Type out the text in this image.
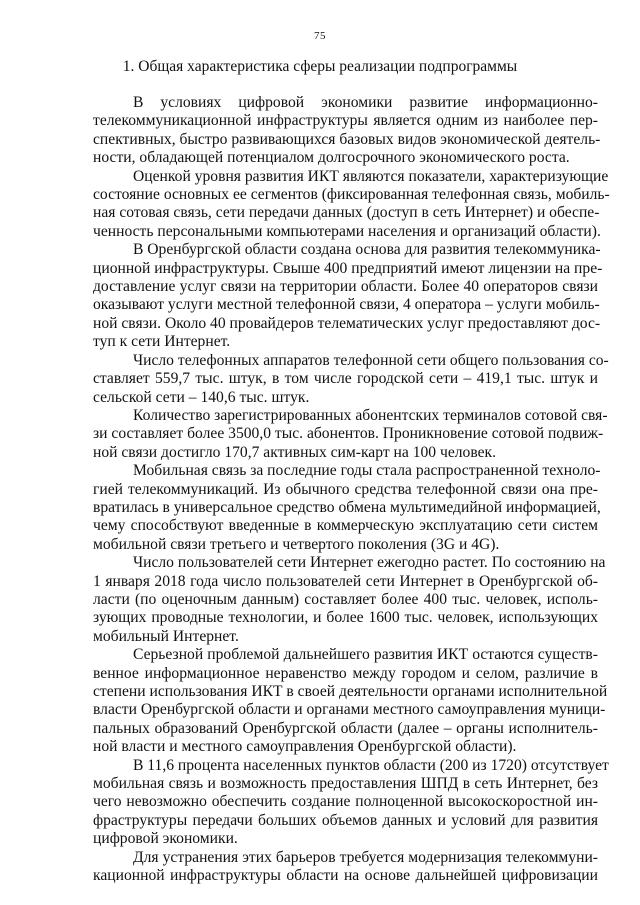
75
1. Общая характеристика сферы реализации подпрограммы
В условиях цифровой экономики развитие информационно-
телекоммуникационной инфраструктуры является одним из наиболее пер-
спективных, быстро развивающихся базовых видов экономической деятель-
ности, обладающей потенциалом долгосрочного экономического роста.
Оценкой уровня развития ИКТ являются показатели, характеризующие
состояние основных ее сегментов (фиксированная телефонная связь, мобиль-
ная сотовая связь, сети передачи данных (доступ в сеть Интернет) и обеспе-
ченность персональными компьютерами населения и организаций области).
В Оренбургской области создана основа для развития телекоммуника-
ционной инфраструктуры. Свыше 400 предприятий имеют лицензии на пре-
доставление услуг связи на территории области. Более 40 операторов связи
оказывают услуги местной телефонной связи, 4 оператора – услуги мобиль-
ной связи. Около 40 провайдеров телематических услуг предоставляют дос-
туп к сети Интернет.
Число телефонных аппаратов телефонной сети общего пользования со-
ставляет 559,7 тыс. штук, в том числе городской сети – 419,1 тыс. штук и
сельской сети – 140,6 тыс. штук.
Количество зарегистрированных абонентских терминалов сотовой свя-
зи составляет более 3500,0 тыс. абонентов. Проникновение сотовой подвиж-
ной связи достигло 170,7 активных сим-карт на 100 человек.
Мобильная связь за последние годы стала распространенной техноло-
гией телекоммуникаций. Из обычного средства телефонной связи она пре-
вратилась в универсальное средство обмена мультимедийной информацией,
чему способствуют введенные в коммерческую эксплуатацию сети систем
мобильной связи третьего и четвертого поколения (3G и 4G).
Число пользователей сети Интернет ежегодно растет. По состоянию на
1 января 2018 года число пользователей сети Интернет в Оренбургской об-
ласти (по оценочным данным) составляет более 400 тыс. человек, исполь-
зующих проводные технологии, и более 1600 тыс. человек, использующих
мобильный Интернет.
Серьезной проблемой дальнейшего развития ИКТ остаются существ-
венное информационное неравенство между городом и селом, различие в
степени использования ИКТ в своей деятельности органами исполнительной
власти Оренбургской области и органами местного самоуправления муници-
пальных образований Оренбургской области (далее – органы исполнитель-
ной власти и местного самоуправления Оренбургской области).
В 11,6 процента населенных пунктов области (200 из 1720) отсутствует
мобильная связь и возможность предоставления ШПД в сеть Интернет, без
чего невозможно обеспечить создание полноценной высокоскоростной ин-
фраструктуры передачи больших объемов данных и условий для развития
цифровой экономики.
Для устранения этих барьеров требуется модернизация телекоммуни-
кационной инфраструктуры области на основе дальнейшей цифровизации
